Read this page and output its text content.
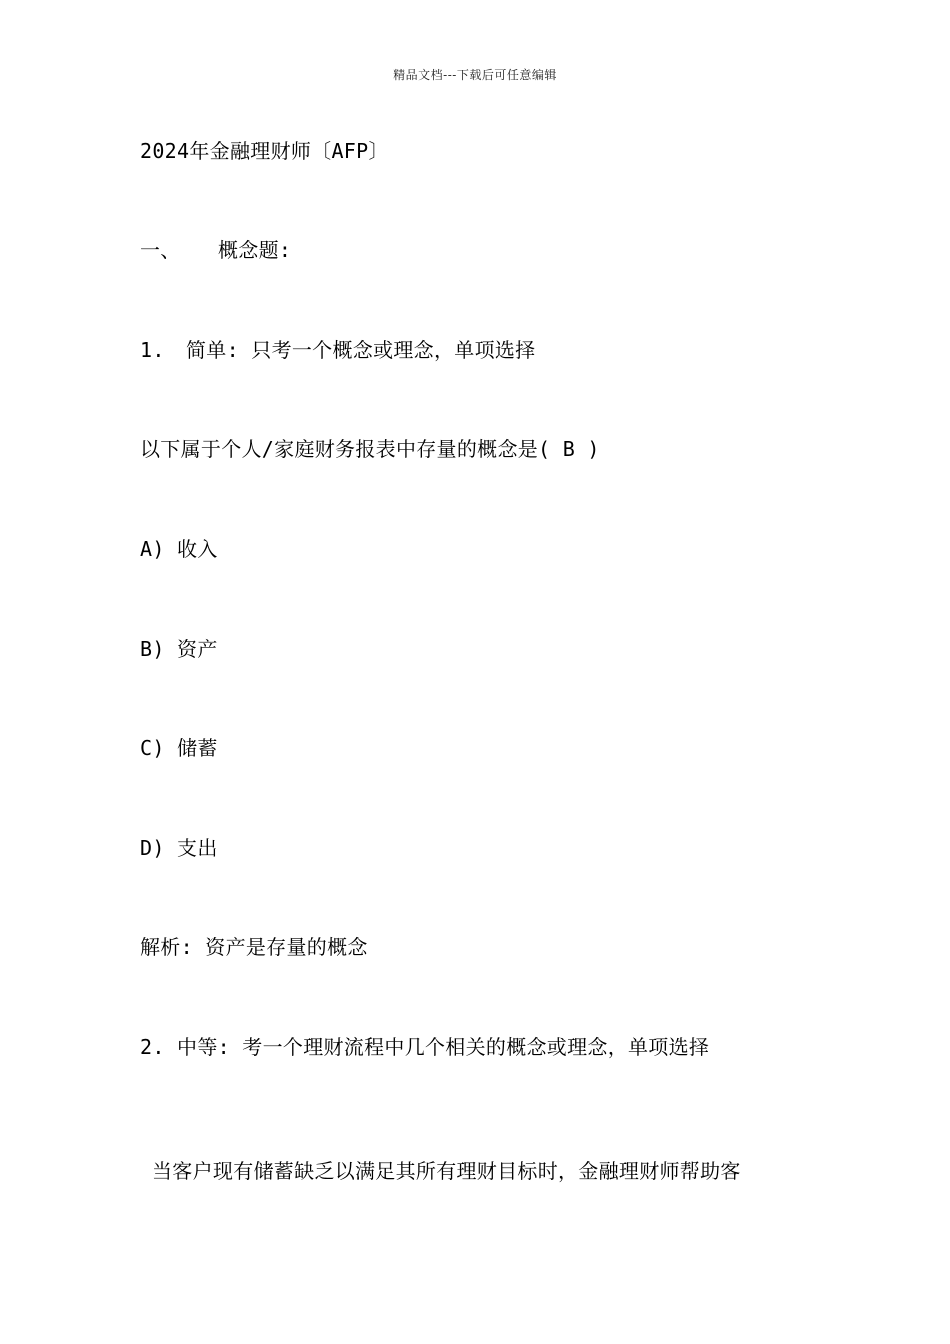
精品文档---下载后可任意编辑
2024年金融理财师〔AFP〕
一、 概念题:
1. 简单: 只考一个概念或理念，单项选择
以下属于个人/家庭财务报表中存量的概念是( B )
A) 收入
B) 资产
C) 储蓄
D) 支出
解析: 资产是存量的概念
2. 中等: 考一个理财流程中几个相关的概念或理念，单项选择
当客户现有储蓄缺乏以满足其所有理财目标时，金融理财师帮助客
